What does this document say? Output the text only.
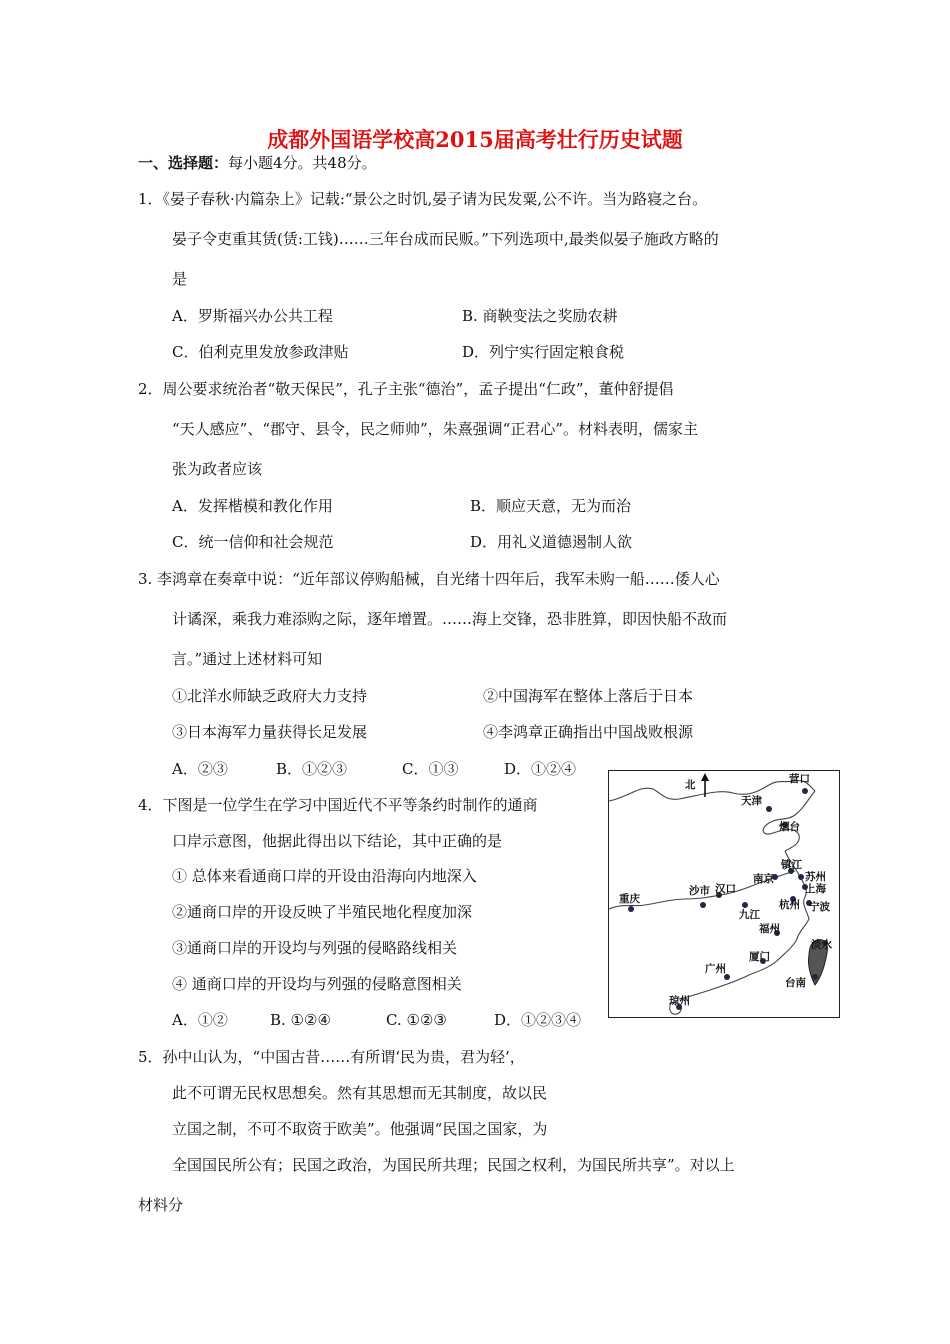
成都外国语学校高2015届高考壮行历史试题
一、选择题：每小题4分。共48分。
1．《晏子春秋·内篇杂上》记载:“景公之时饥,晏子请为民发粟,公不许。当为路寝之台。
晏子令吏重其赁(赁:工钱)……三年台成而民贩。”下列选项中,最类似晏子施政方略的
是
A．罗斯福兴办公共工程	B. 商鞅变法之奖励农耕
C．伯利克里发放参政津贴	D．列宁实行固定粮食税
2．周公要求统治者“敬天保民”，孔子主张“德治”，孟子提出“仁政”，董仲舒提倡
“天人感应”、“郡守、县令，民之师帅”，朱熹强调“正君心”。材料表明，儒家主
张为政者应该
A．发挥楷模和教化作用	B．顺应天意，无为而治
C．统一信仰和社会规范	D．用礼义道德遏制人欲
3. 李鸿章在奏章中说：“近年部议停购船械，自光绪十四年后，我军未购一船……倭人心
计谲深，乘我力难添购之际，逐年增置。……海上交锋，恐非胜算，即因快船不敌而
言。”通过上述材料可知
①北洋水师缺乏政府大力支持	②中国海军在整体上落后于日本
③日本海军力量获得长足发展	④李鸿章正确指出中国战败根源
A．②③	B．①②③	C．①③	D．①②④
4．下图是一位学生在学习中国近代不平等条约时制作的通商
口岸示意图，他据此得出以下结论，其中正确的是
① 总体来看通商口岸的开设由沿海向内地深入
②通商口岸的开设反映了半殖民地化程度加深
③通商口岸的开设均与列强的侵略路线相关
④ 通商口岸的开设均与列强的侵略意图相关
A．①②	B. ①②④	C. ①②③	D．①②③④
北	营口
天津
烟台
镇江
南京	苏州
上海
沙市 汉口
杭州 宁波
重庆
九江
福州
淡水
厦门
广州
台南
琼州
5．孙中山认为，“中国古昔……有所谓‘民为贵，君为轻’，
此不可谓无民权思想矣。然有其思想而无其制度，故以民
立国之制，不可不取资于欧美”。他强调“民国之国家，为
全国国民所公有；民国之政治，为国民所共理；民国之权利，为国民所共享”。对以上
材料分
